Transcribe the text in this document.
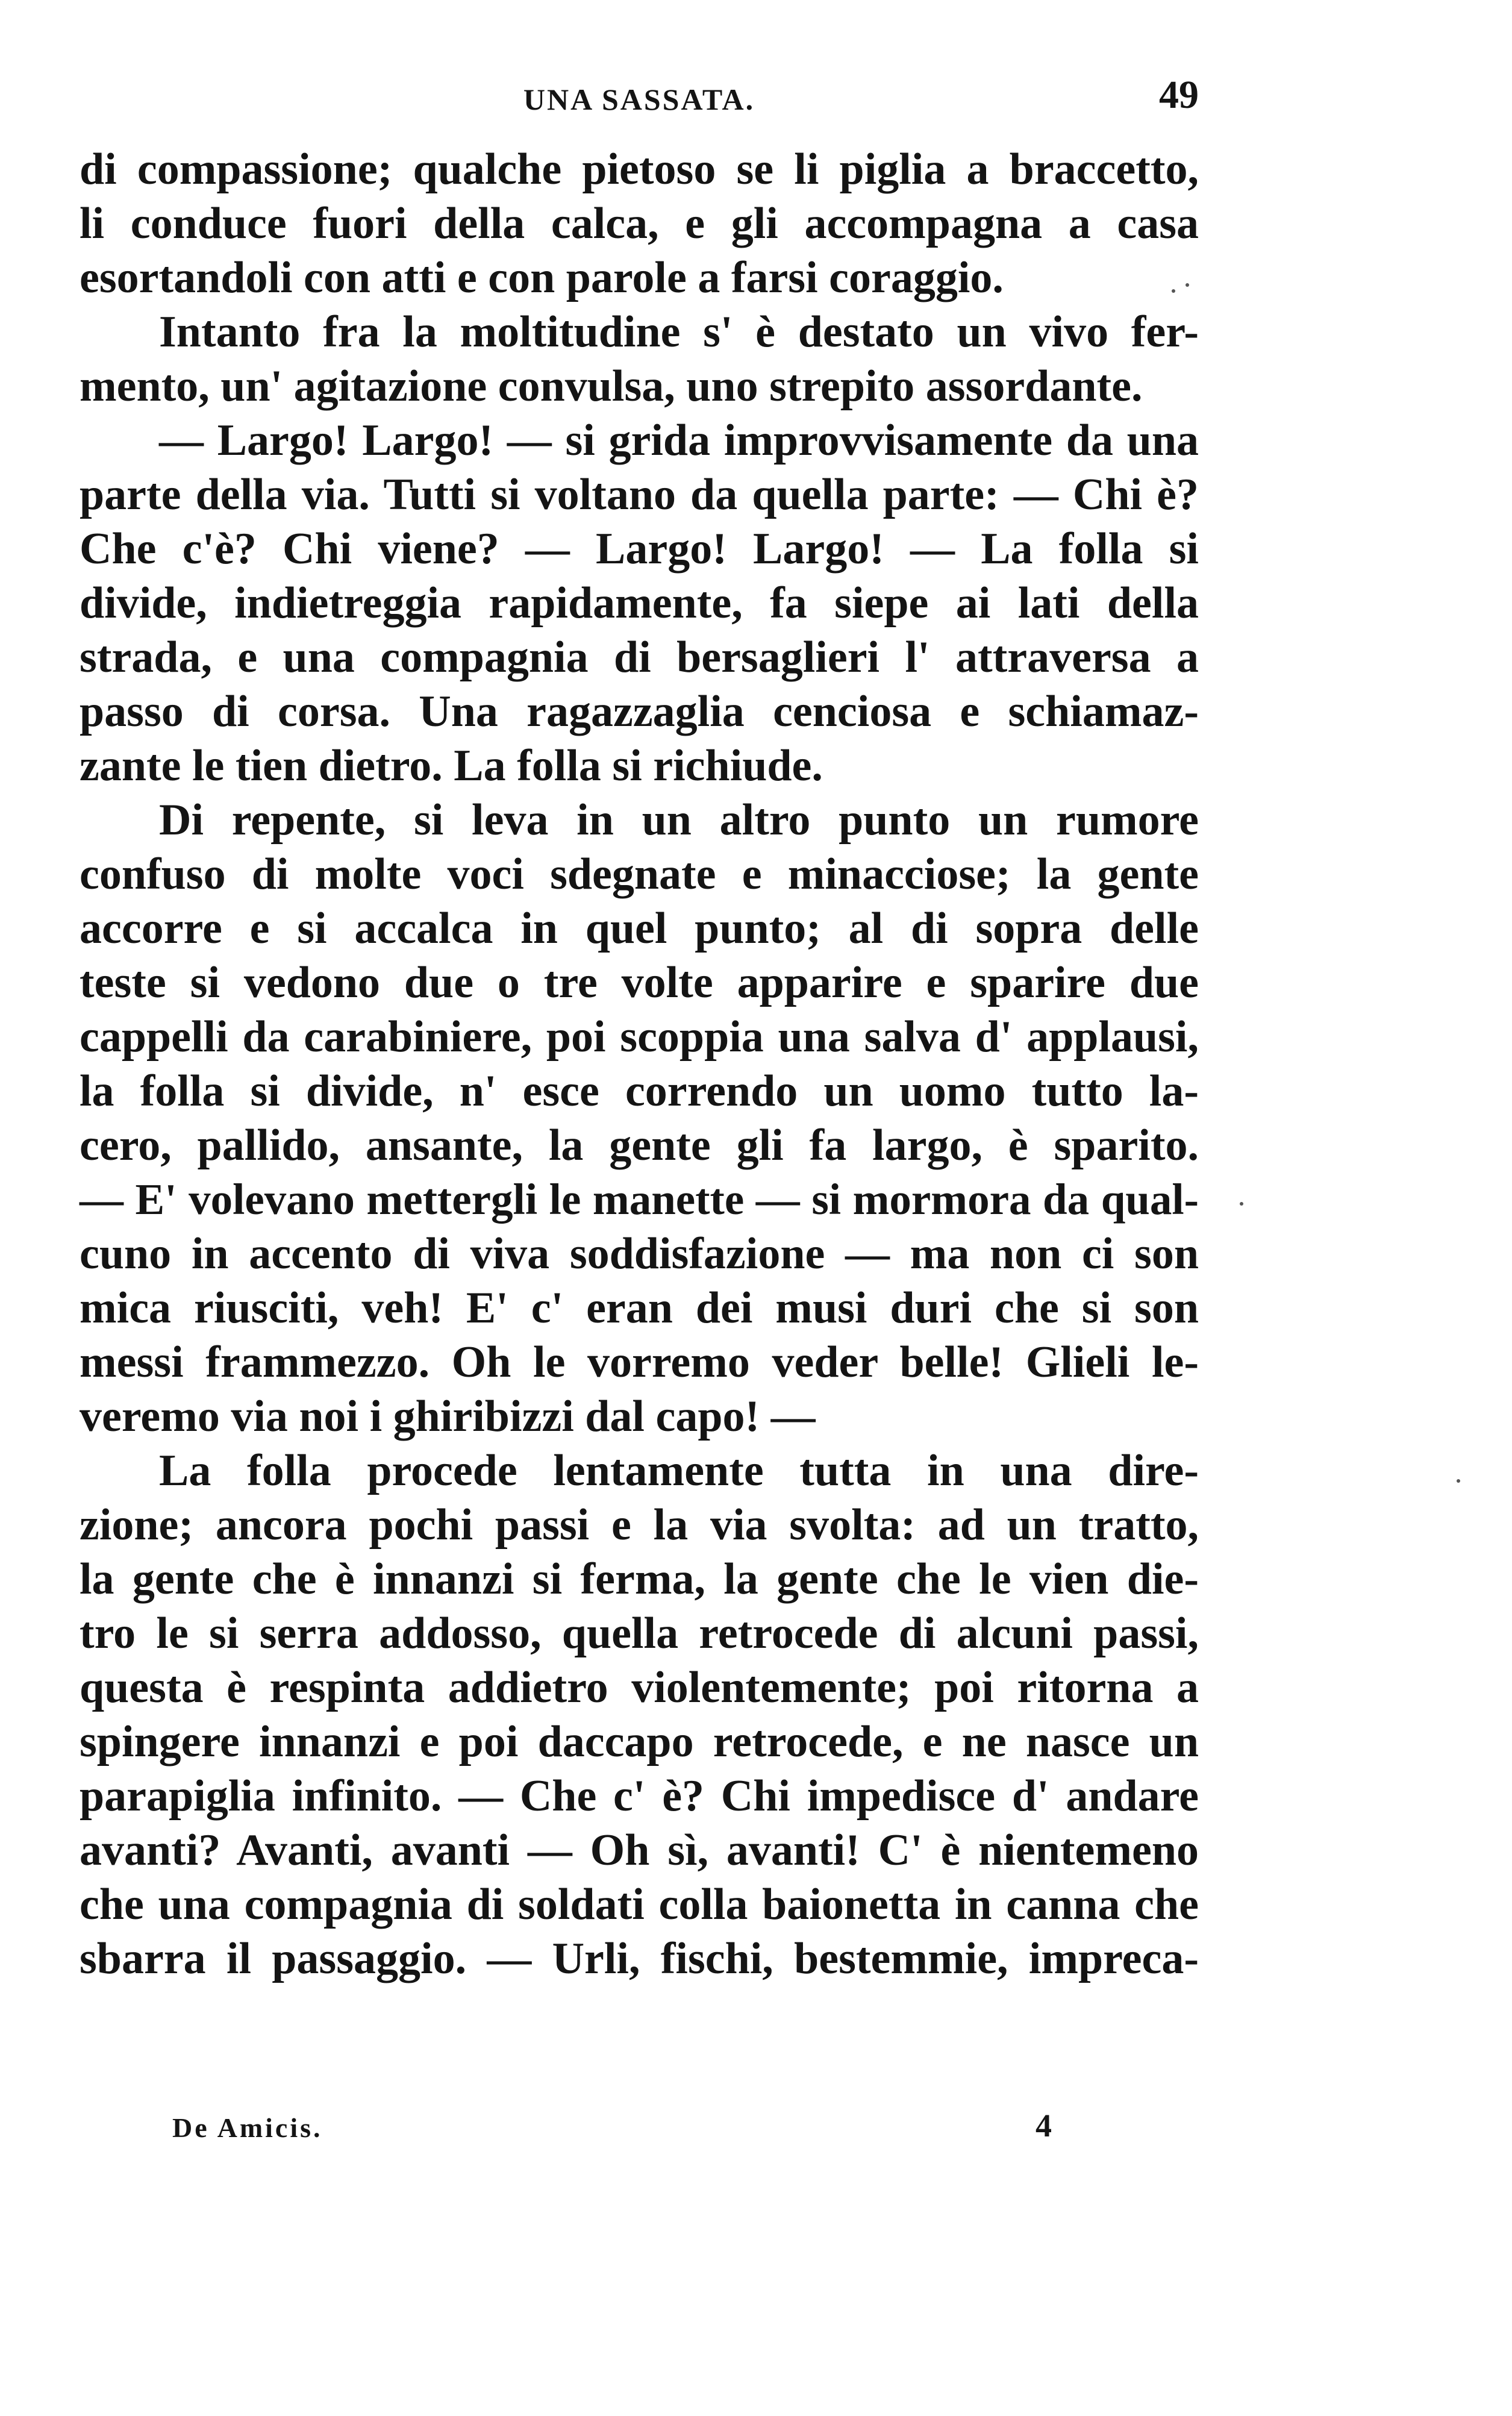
UNA SASSATA.	49
di compassione; qualche pietoso se li piglia a braccetto,
li conduce fuori della calca, e gli accompagna a casa
esortandoli con atti e con parole a farsi coraggio.
Intanto fra la moltitudine s' è destato un vivo fer-
mento, un' agitazione convulsa, uno strepito assordante.
— Largo! Largo! — si grida improvvisamente da una
parte della via. Tutti si voltano da quella parte: — Chi è?
Che c'è? Chi viene? — Largo! Largo! — La folla si
divide, indietreggia rapidamente, fa siepe ai lati della
strada, e una compagnia di bersaglieri l' attraversa a
passo di corsa. Una ragazzaglia cenciosa e schiamaz-
zante le tien dietro. La folla si richiude.
Di repente, si leva in un altro punto un rumore
confuso di molte voci sdegnate e minacciose; la gente
accorre e si accalca in quel punto; al di sopra delle
teste si vedono due o tre volte apparire e sparire due
cappelli da carabiniere, poi scoppia una salva d' applausi,
la folla si divide, n' esce correndo un uomo tutto la-
cero, pallido, ansante, la gente gli fa largo, è sparito.
— E' volevano mettergli le manette — si mormora da qual-
cuno in accento di viva soddisfazione — ma non ci son
mica riusciti, veh! E' c' eran dei musi duri che si son
messi frammezzo. Oh le vorremo veder belle! Glieli le-
veremo via noi i ghiribizzi dal capo! —
La folla procede lentamente tutta in una dire-
zione; ancora pochi passi e la via svolta: ad un tratto,
la gente che è innanzi si ferma, la gente che le vien die-
tro le si serra addosso, quella retrocede di alcuni passi,
questa è respinta addietro violentemente; poi ritorna a
spingere innanzi e poi daccapo retrocede, e ne nasce un
parapiglia infinito. — Che c' è? Chi impedisce d' andare
avanti? Avanti, avanti — Oh sì, avanti! C' è nientemeno
che una compagnia di soldati colla baionetta in canna che
sbarra il passaggio. — Urli, fischi, bestemmie, impreca-
De Amicis.	4
